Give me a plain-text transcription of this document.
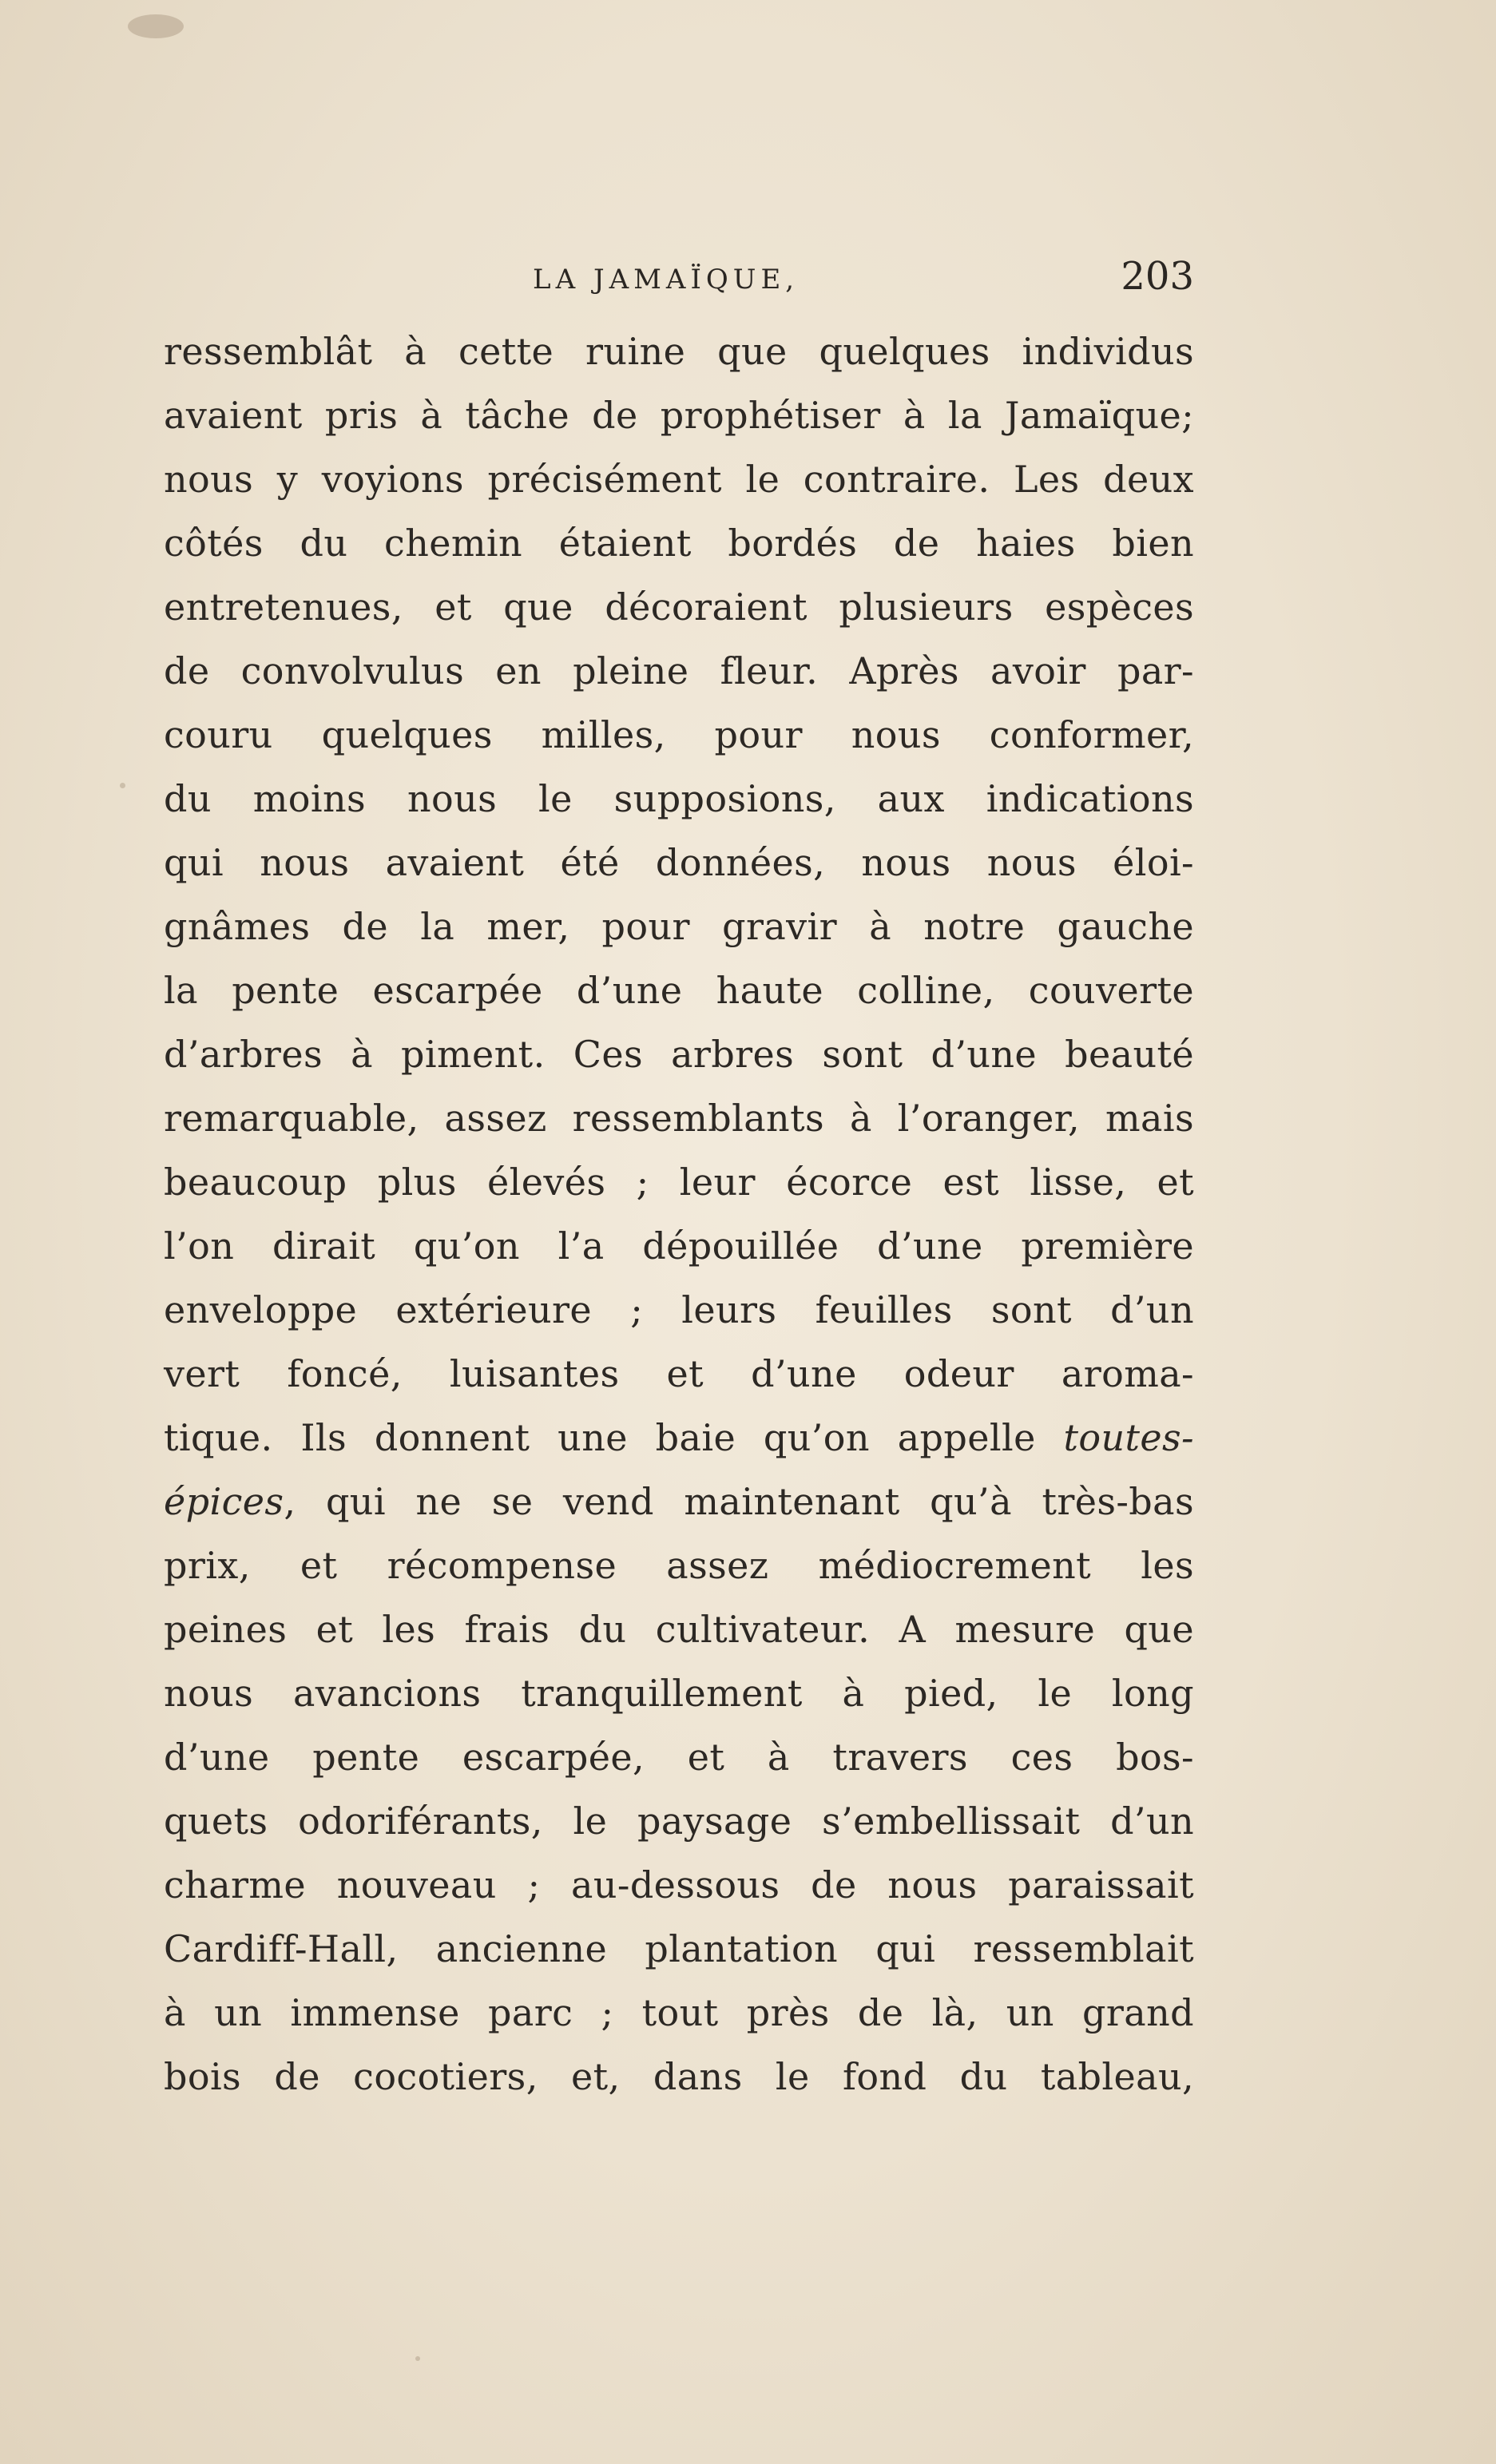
LA JAMAÏQUE,	203
ressemblât à cette ruine que quelques individus
avaient pris à tâche de prophétiser à la Jamaïque;
nous y voyions précisément le contraire. Les deux
côtés du chemin étaient bordés de haies bien
entretenues, et que décoraient plusieurs espèces
de convolvulus en pleine fleur. Après avoir par-
couru quelques milles, pour nous conformer,
du moins nous le supposions, aux indications
qui nous avaient été données, nous nous éloi-
gnâmes de la mer, pour gravir à notre gauche
la pente escarpée d’une haute colline, couverte
d’arbres à piment. Ces arbres sont d’une beauté
remarquable, assez ressemblants à l’oranger, mais
beaucoup plus élevés ; leur écorce est lisse, et
l’on dirait qu’on l’a dépouillée d’une première
enveloppe extérieure ; leurs feuilles sont d’un
vert foncé, luisantes et d’une odeur aroma-
tique. Ils donnent une baie qu’on appelle toutes-
épices, qui ne se vend maintenant qu’à très-bas
prix, et récompense assez médiocrement les
peines et les frais du cultivateur. A mesure que
nous avancions tranquillement à pied, le long
d’une pente escarpée, et à travers ces bos-
quets odoriférants, le paysage s’embellissait d’un
charme nouveau ; au-dessous de nous paraissait
Cardiff-Hall, ancienne plantation qui ressemblait
à un immense parc ; tout près de là, un grand
bois de cocotiers, et, dans le fond du tableau,
